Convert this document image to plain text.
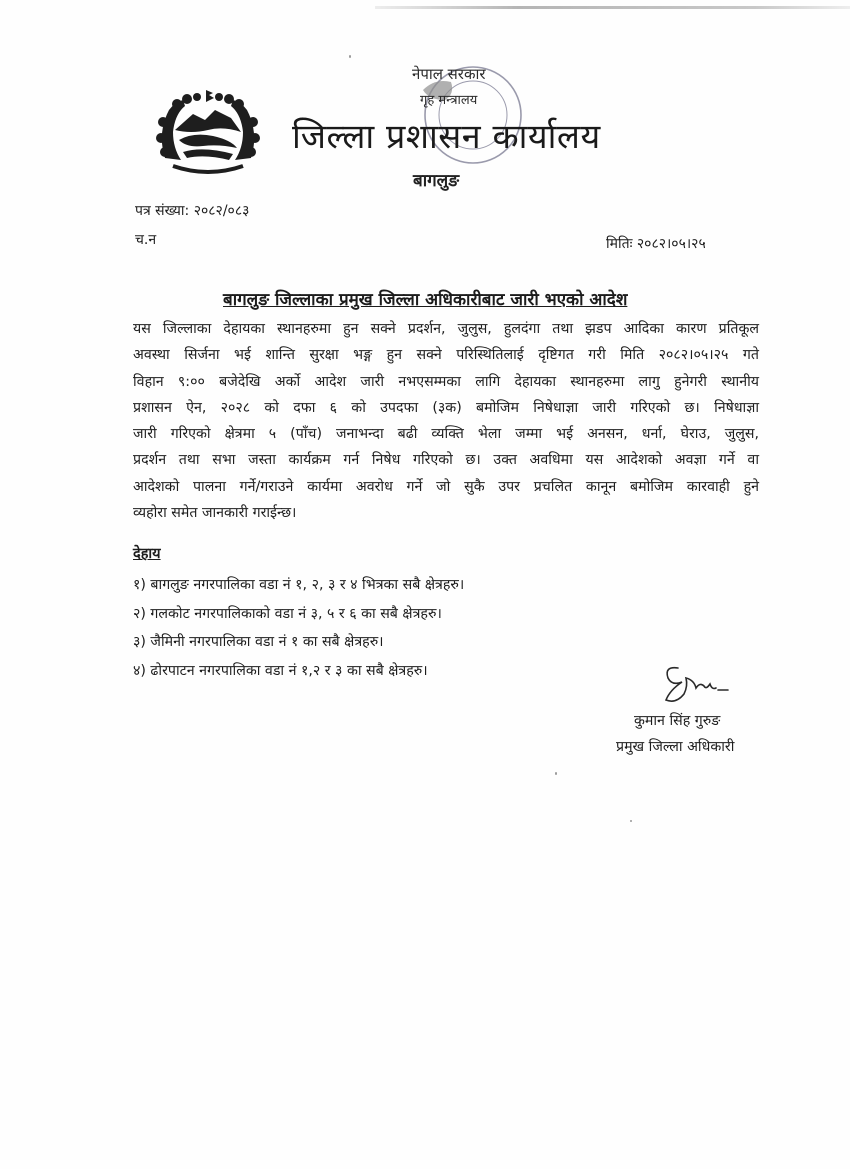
नेपाल सरकार
गृह मन्त्रालय
जिल्ला प्रशासन कार्यालय
बागलुङ
पत्र संख्या: २०८२/०८३
च.न	मितिः २०८२।०५।२५
बागलुङ जिल्लाका प्रमुख जिल्ला अधिकारीबाट जारी भएको आदेश
यस जिल्लाका देहायका स्थानहरुमा हुन सक्ने प्रदर्शन, जुलुस, हुलदंगा तथा झडप आदिका कारण प्रतिकूल
अवस्था सिर्जना भई शान्ति सुरक्षा भङ्ग हुन सक्ने परिस्थितिलाई दृष्टिगत गरी मिति २०८२।०५।२५ गते
विहान ९:०० बजेदेखि अर्को आदेश जारी नभएसम्मका लागि देहायका स्थानहरुमा लागु हुनेगरी स्थानीय
प्रशासन ऐन, २०२८ को दफा ६ को उपदफा (३क) बमोजिम निषेधाज्ञा जारी गरिएको छ। निषेधाज्ञा
जारी गरिएको क्षेत्रमा ५ (पाँच) जनाभन्दा बढी व्यक्ति भेला जम्मा भई अनसन, धर्ना, घेराउ, जुलुस,
प्रदर्शन तथा सभा जस्ता कार्यक्रम गर्न निषेध गरिएको छ। उक्त अवधिमा यस आदेशको अवज्ञा गर्ने वा
आदेशको पालना गर्ने/गराउने कार्यमा अवरोध गर्ने जो सुकै उपर प्रचलित कानून बमोजिम कारवाही हुने
व्यहोरा समेत जानकारी गराईन्छ।
देहाय
१) बागलुङ नगरपालिका वडा नं १, २, ३ र ४ भित्रका सबै क्षेत्रहरु।
२) गलकोट नगरपालिकाको वडा नं ३, ५ र ६ का सबै क्षेत्रहरु।
३) जैमिनी नगरपालिका वडा नं १ का सबै क्षेत्रहरु।
४) ढोरपाटन नगरपालिका वडा नं १,२ र ३ का सबै क्षेत्रहरु।
कुमान सिंह गुरुङ
प्रमुख जिल्ला अधिकारी
